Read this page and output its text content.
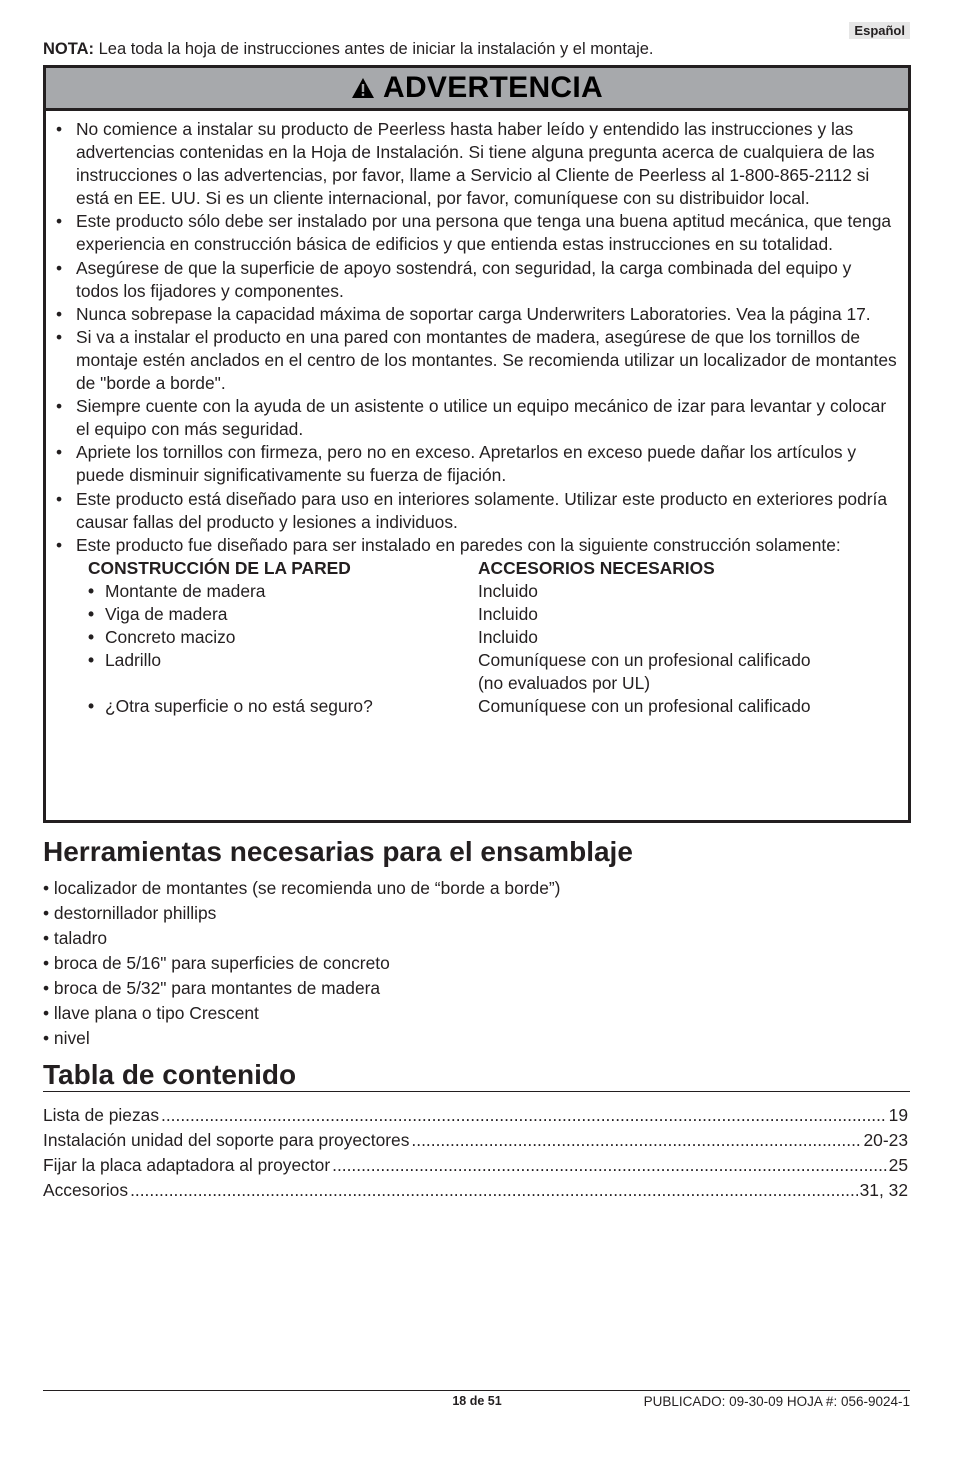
Español
NOTA: Lea toda la hoja de instrucciones antes de iniciar la instalación y el montaje.
ADVERTENCIA
• No comience a instalar su producto de Peerless hasta haber leído y entendido las instrucciones y las advertencias contenidas en la Hoja de Instalación. Si tiene alguna pregunta acerca de cualquiera de las instrucciones o las advertencias, por favor, llame a Servicio al Cliente de Peerless al 1-800-865-2112 si está en EE. UU. Si es un cliente internacional, por favor, comuníquese con su distribuidor local.
• Este producto sólo debe ser instalado por una persona que tenga una buena aptitud mecánica, que tenga experiencia en construcción básica de edificios y que entienda estas instrucciones en su totalidad.
• Asegúrese de que la superficie de apoyo sostendrá, con seguridad, la carga combinada del equipo y todos los fijadores y componentes.
• Nunca sobrepase la capacidad máxima de soportar carga Underwriters Laboratories. Vea la página 17.
• Si va a instalar el producto en una pared con montantes de madera, asegúrese de que los tornillos de montaje estén anclados en el centro de los montantes. Se recomienda utilizar un localizador de montantes de "borde a borde".
• Siempre cuente con la ayuda de un asistente o utilice un equipo mecánico de izar para levantar y colocar el equipo con más seguridad.
• Apriete los tornillos con firmeza, pero no en exceso. Apretarlos en exceso puede dañar los artículos y puede disminuir significativamente su fuerza de fijación.
• Este producto está diseñado para uso en interiores solamente. Utilizar este producto en exteriores podría causar fallas del producto y lesiones a individuos.
• Este producto fue diseñado para ser instalado en paredes con la siguiente construcción solamente:
CONSTRUCCIÓN DE LA PARED	ACCESORIOS NECESARIOS
• Montante de madera	Incluido
• Viga de madera	Incluido
• Concreto macizo	Incluido
• Ladrillo	Comuníquese con un profesional calificado
(no evaluados por UL)
• ¿Otra superficie o no está seguro?	Comuníquese con un profesional calificado
Herramientas necesarias para el ensamblaje
• localizador de montantes (se recomienda uno de “borde a borde”)
• destornillador phillips
• taladro
• broca de 5/16" para superficies de concreto
• broca de 5/32" para montantes de madera
• llave plana o tipo Crescent
• nivel
Tabla de contenido
Lista de piezas .....	19
Instalación unidad del soporte para proyectores .....	20-23
Fijar la placa adaptadora al proyector .....	25
Accesorios .....	31, 32
18 de 51	PUBLICADO: 09-30-09 HOJA #: 056-9024-1
